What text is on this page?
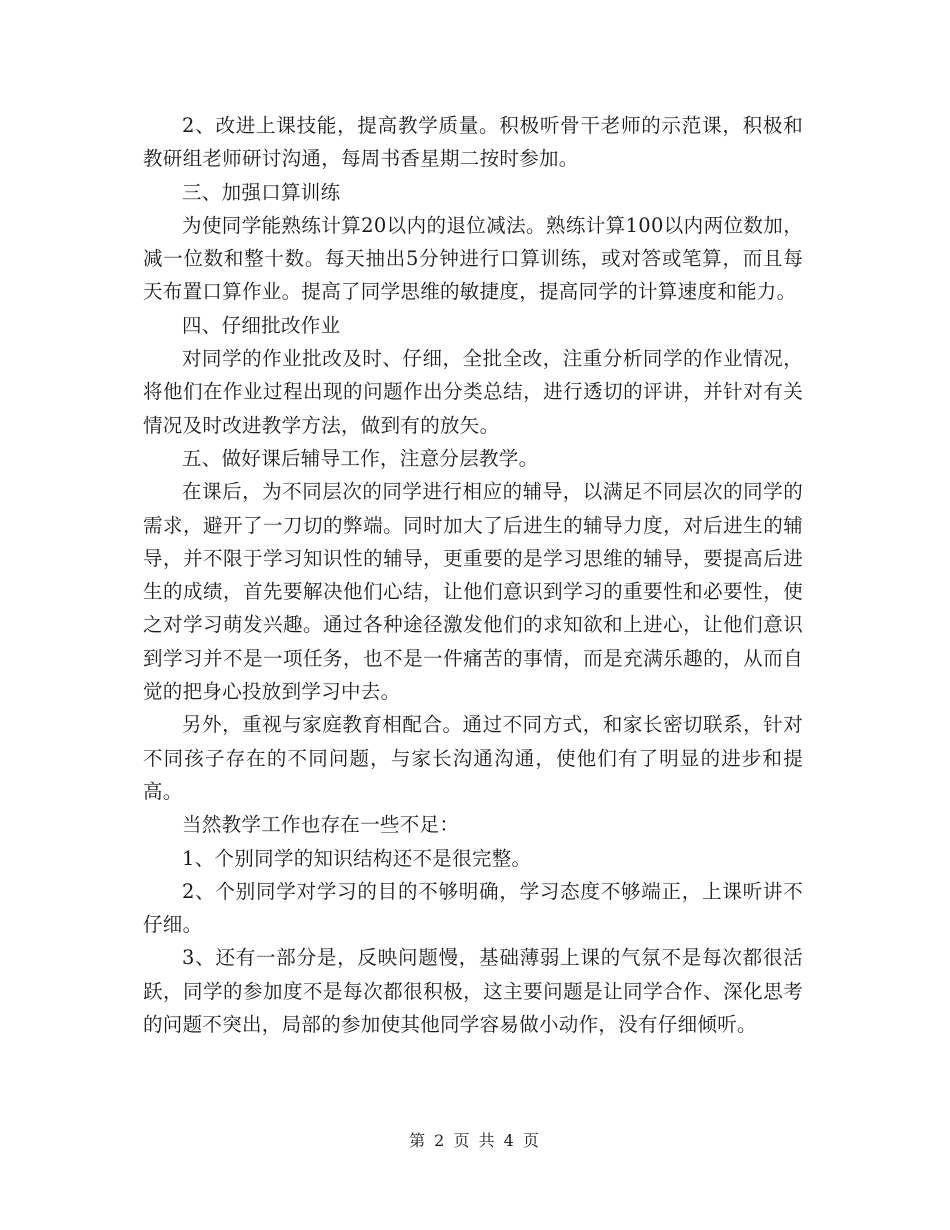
2、改进上课技能，提高教学质量。积极听骨干老师的示范课，积极和教研组老师研讨沟通，每周书香星期二按时参加。

三、加强口算训练

为使同学能熟练计算20以内的退位减法。熟练计算100以内两位数加，减一位数和整十数。每天抽出5分钟进行口算训练，或对答或笔算，而且每天布置口算作业。提高了同学思维的敏捷度，提高同学的计算速度和能力。

四、仔细批改作业

对同学的作业批改及时、仔细，全批全改，注重分析同学的作业情况，将他们在作业过程出现的问题作出分类总结，进行透切的评讲，并针对有关情况及时改进教学方法，做到有的放矢。

五、做好课后辅导工作，注意分层教学。

在课后，为不同层次的同学进行相应的辅导，以满足不同层次的同学的需求，避开了一刀切的弊端。同时加大了后进生的辅导力度，对后进生的辅导，并不限于学习知识性的辅导，更重要的是学习思维的辅导，要提高后进生的成绩，首先要解决他们心结，让他们意识到学习的重要性和必要性，使之对学习萌发兴趣。通过各种途径激发他们的求知欲和上进心，让他们意识到学习并不是一项任务，也不是一件痛苦的事情，而是充满乐趣的，从而自觉的把身心投放到学习中去。

另外，重视与家庭教育相配合。通过不同方式，和家长密切联系，针对不同孩子存在的不同问题，与家长沟通沟通，使他们有了明显的进步和提高。

当然教学工作也存在一些不足：

1、个别同学的知识结构还不是很完整。

2、个别同学对学习的目的不够明确，学习态度不够端正，上课听讲不仔细。

3、还有一部分是，反映问题慢，基础薄弱上课的气氛不是每次都很活跃，同学的参加度不是每次都很积极，这主要问题是让同学合作、深化思考的问题不突出，局部的参加使其他同学容易做小动作，没有仔细倾听。

第 2 页 共 4 页
